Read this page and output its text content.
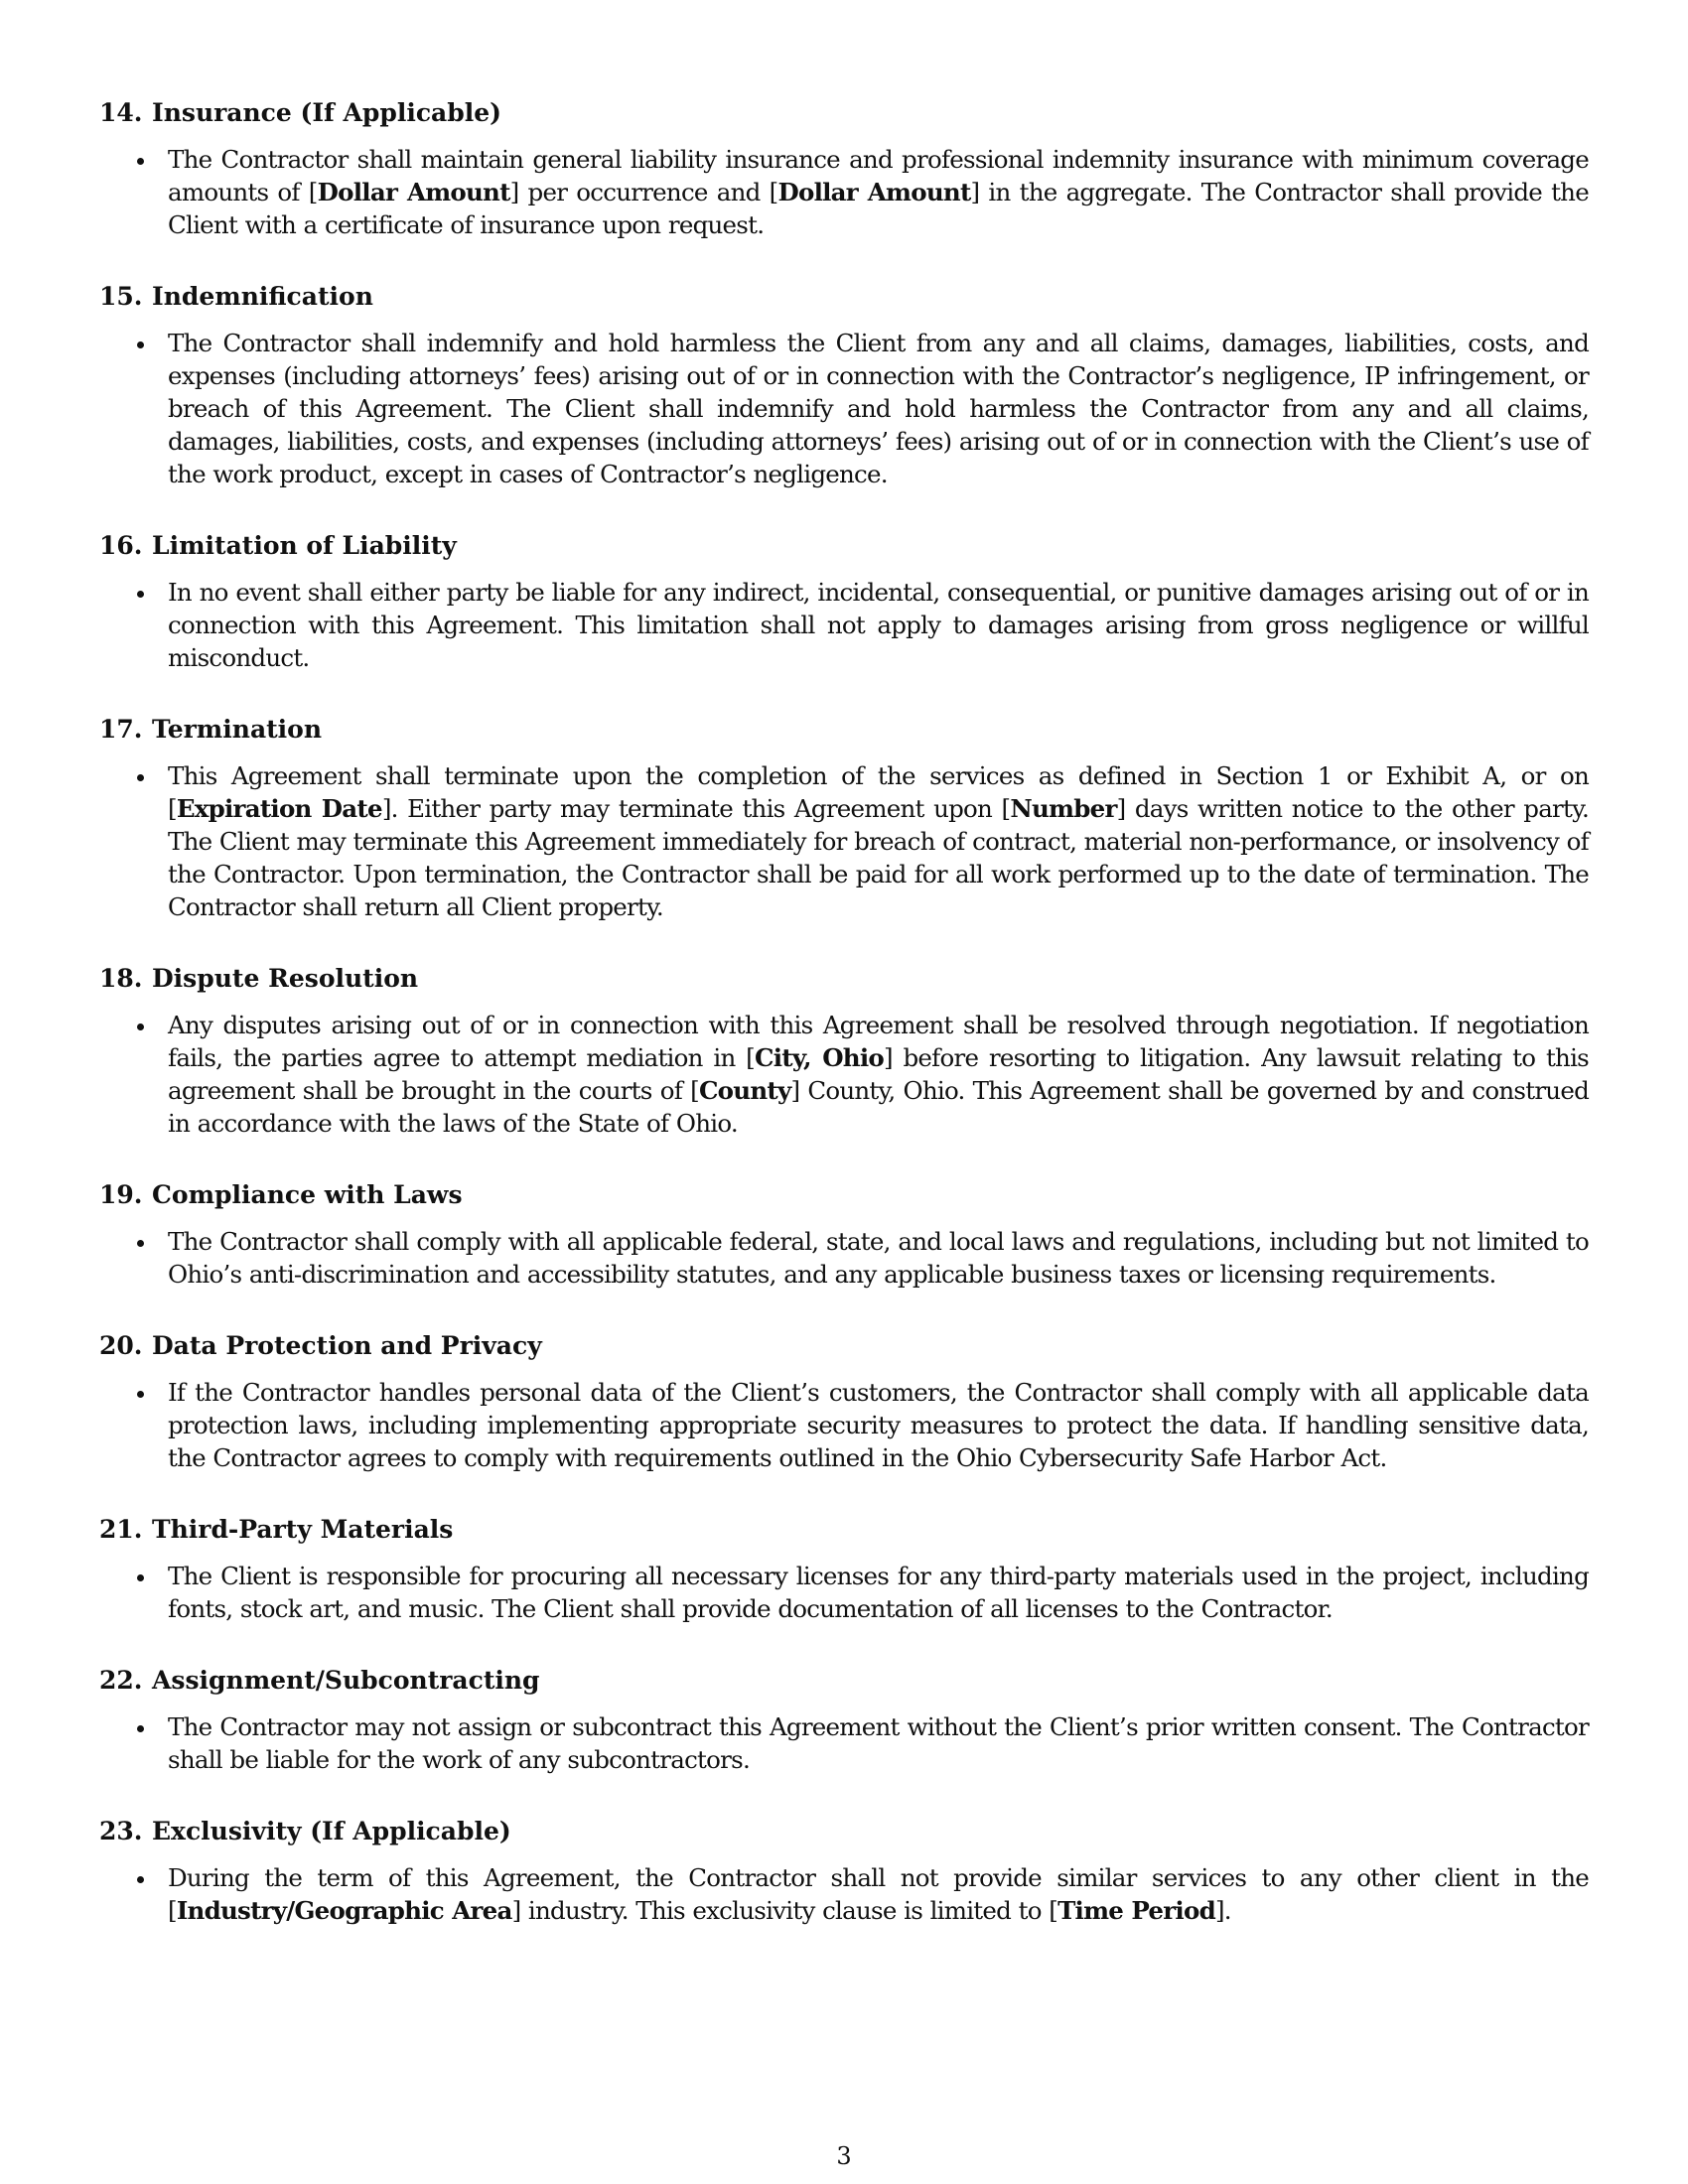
14. Insurance (If Applicable)

The Contractor shall maintain general liability insurance and professional indemnity insurance with minimum coverage amounts of [Dollar Amount] per occurrence and [Dollar Amount] in the aggregate. The Contractor shall provide the Client with a certificate of insurance upon request.

15. Indemnification

The Contractor shall indemnify and hold harmless the Client from any and all claims, damages, liabilities, costs, and expenses (including attorneys’ fees) arising out of or in connection with the Contractor’s negligence, IP infringement, or breach of this Agreement. The Client shall indemnify and hold harmless the Contractor from any and all claims, damages, liabilities, costs, and expenses (including attorneys’ fees) arising out of or in connection with the Client’s use of the work product, except in cases of Contractor’s negligence.

16. Limitation of Liability

In no event shall either party be liable for any indirect, incidental, consequential, or punitive damages arising out of or in connection with this Agreement. This limitation shall not apply to damages arising from gross negligence or willful misconduct.

17. Termination

This Agreement shall terminate upon the completion of the services as defined in Section 1 or Exhibit A, or on [Expiration Date]. Either party may terminate this Agreement upon [Number] days written notice to the other party. The Client may terminate this Agreement immediately for breach of contract, material non-performance, or insolvency of the Contractor. Upon termination, the Contractor shall be paid for all work performed up to the date of termination. The Contractor shall return all Client property.

18. Dispute Resolution

Any disputes arising out of or in connection with this Agreement shall be resolved through negotiation. If negotiation fails, the parties agree to attempt mediation in [City, Ohio] before resorting to litigation. Any lawsuit relating to this agreement shall be brought in the courts of [County] County, Ohio. This Agreement shall be governed by and construed in accordance with the laws of the State of Ohio.

19. Compliance with Laws

The Contractor shall comply with all applicable federal, state, and local laws and regulations, including but not limited to Ohio’s anti-discrimination and accessibility statutes, and any applicable business taxes or licensing requirements.

20. Data Protection and Privacy

If the Contractor handles personal data of the Client’s customers, the Contractor shall comply with all applicable data protection laws, including implementing appropriate security measures to protect the data. If handling sensitive data, the Contractor agrees to comply with requirements outlined in the Ohio Cybersecurity Safe Harbor Act.

21. Third-Party Materials

The Client is responsible for procuring all necessary licenses for any third-party materials used in the project, including fonts, stock art, and music. The Client shall provide documentation of all licenses to the Contractor.

22. Assignment/Subcontracting

The Contractor may not assign or subcontract this Agreement without the Client’s prior written consent. The Contractor shall be liable for the work of any subcontractors.

23. Exclusivity (If Applicable)

During the term of this Agreement, the Contractor shall not provide similar services to any other client in the [Industry/Geographic Area] industry. This exclusivity clause is limited to [Time Period].

3
